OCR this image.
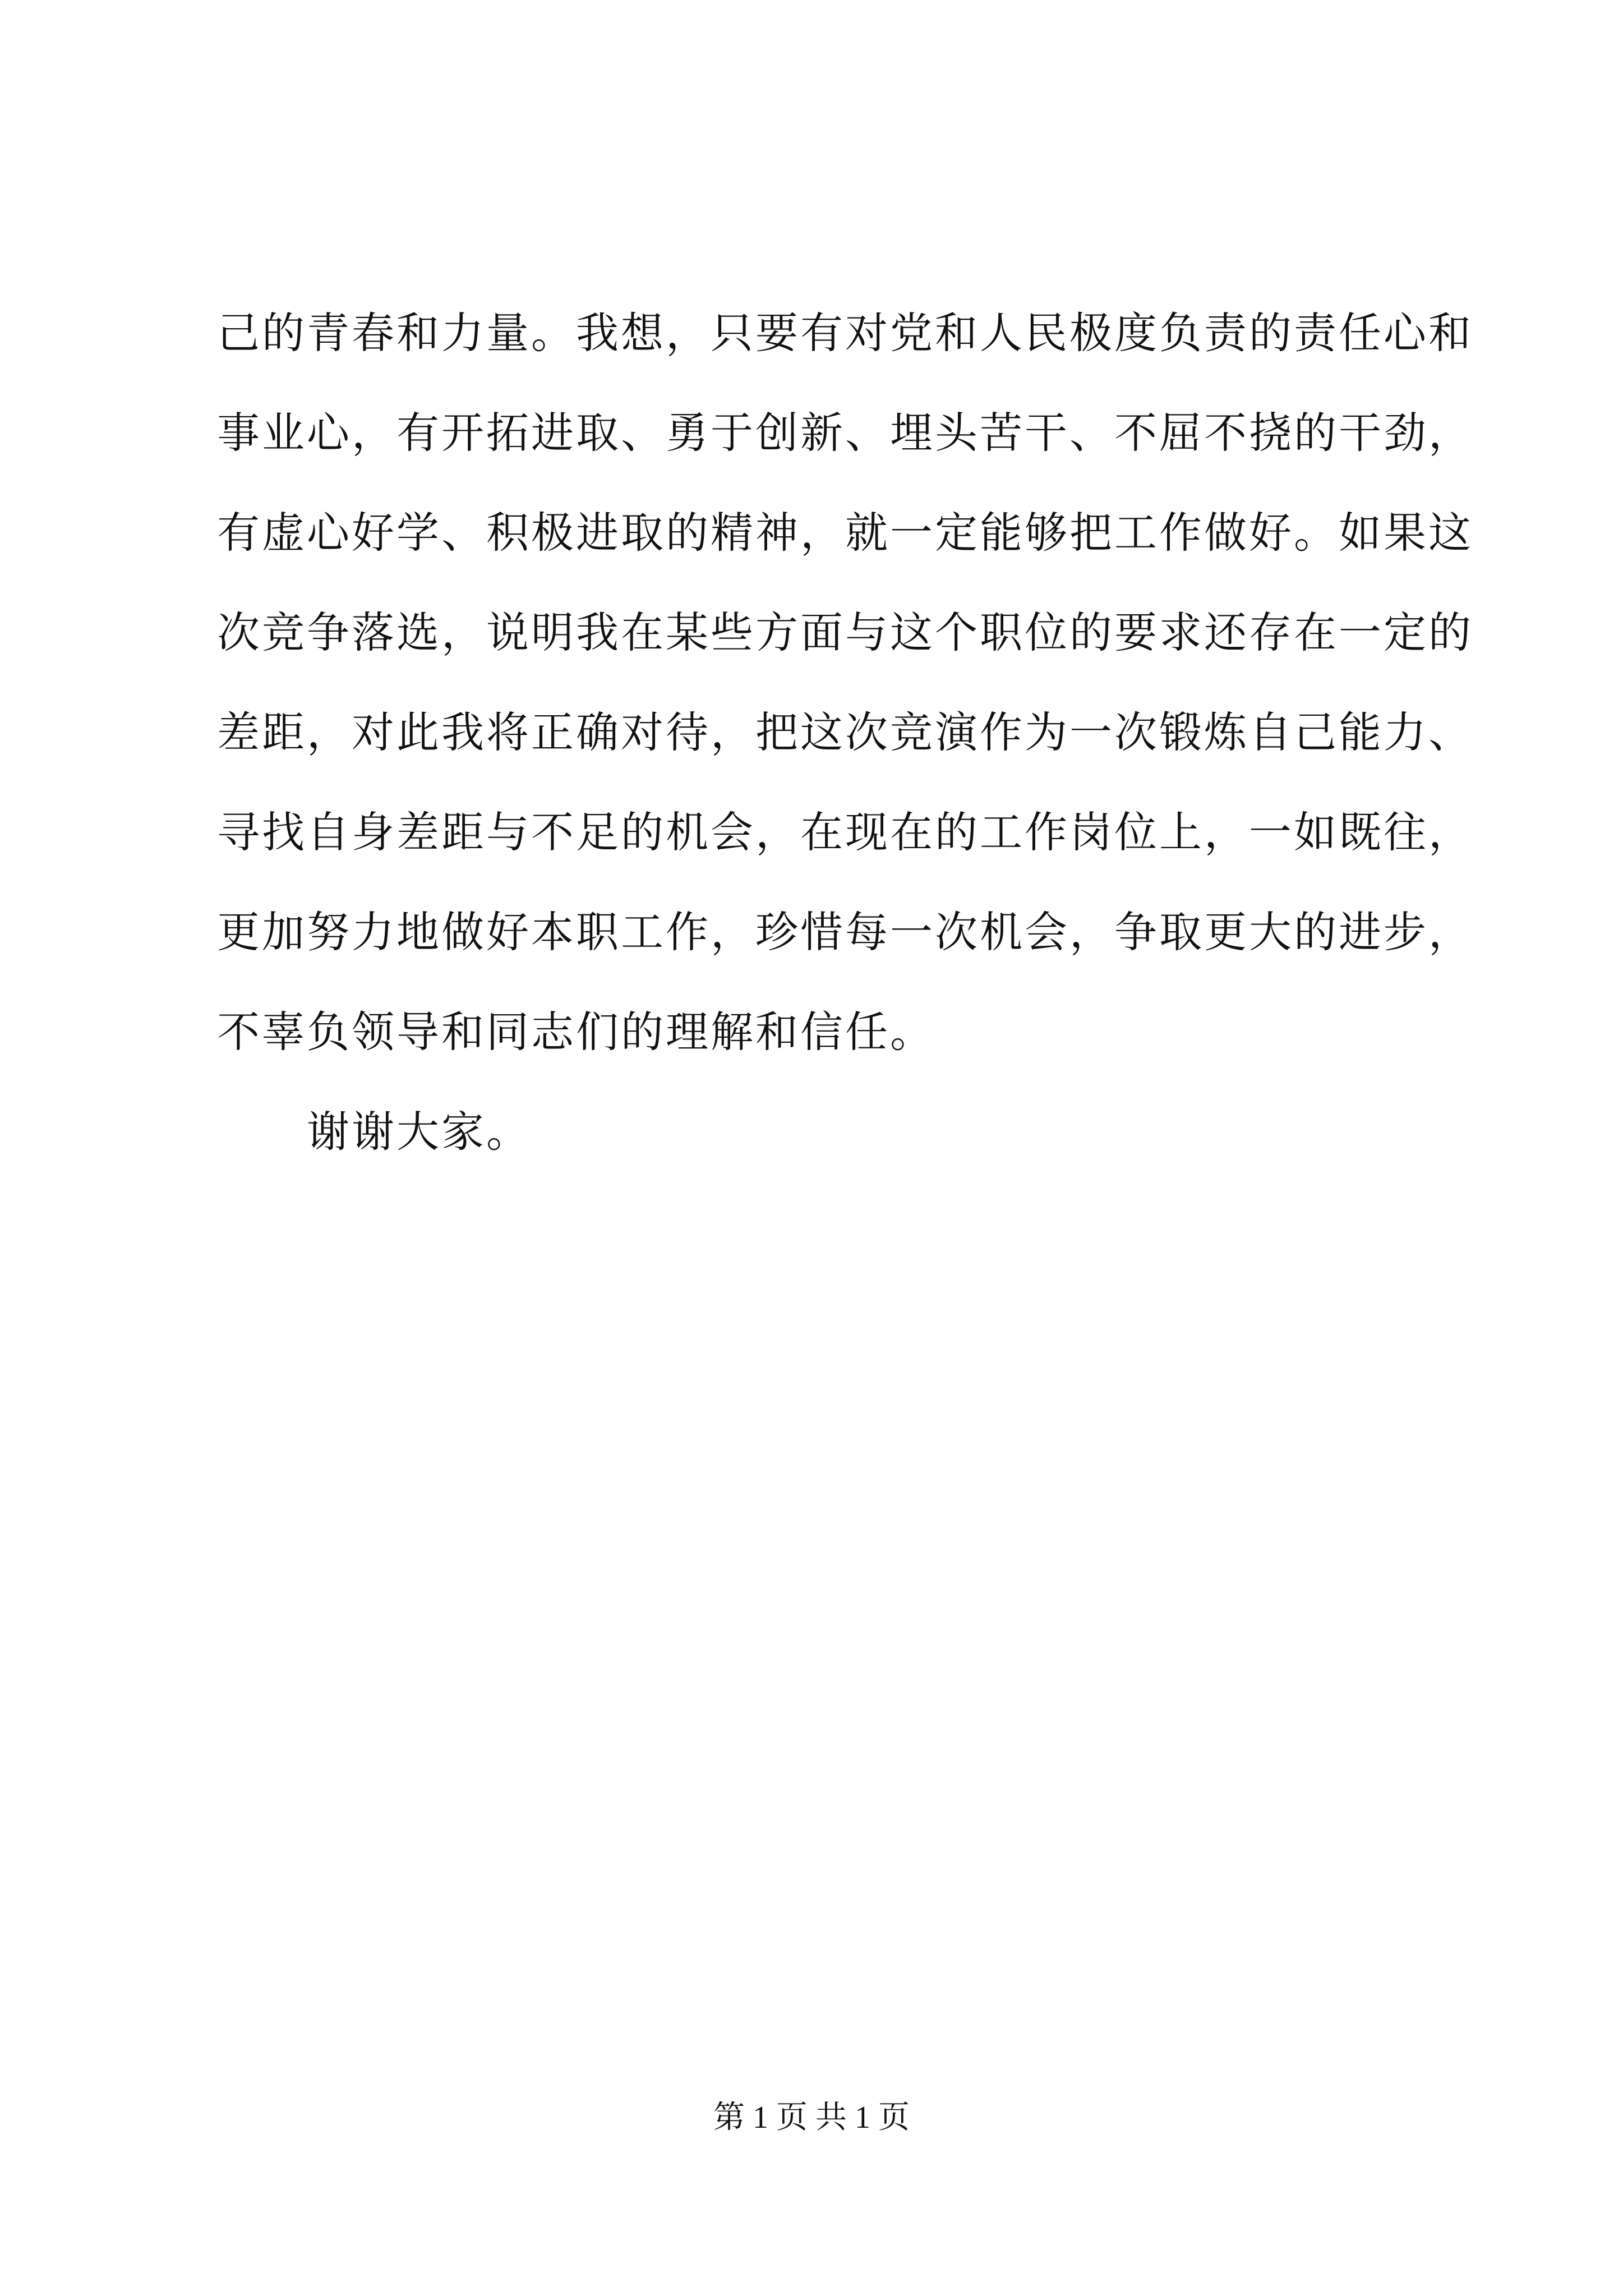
己的青春和力量。我想，只要有对党和人民极度负责的责任心和
事业心，有开拓进取、勇于创新、埋头苦干、不屈不挠的干劲，
有虚心好学、积极进取的精神，就一定能够把工作做好。如果这
次竞争落选，说明我在某些方面与这个职位的要求还存在一定的
差距，对此我将正确对待，把这次竞演作为一次锻炼自己能力、
寻找自身差距与不足的机会，在现在的工作岗位上，一如既往，
更加努力地做好本职工作，珍惜每一次机会，争取更大的进步，
不辜负领导和同志们的理解和信任。
谢谢大家。
第 1 页 共 1 页
